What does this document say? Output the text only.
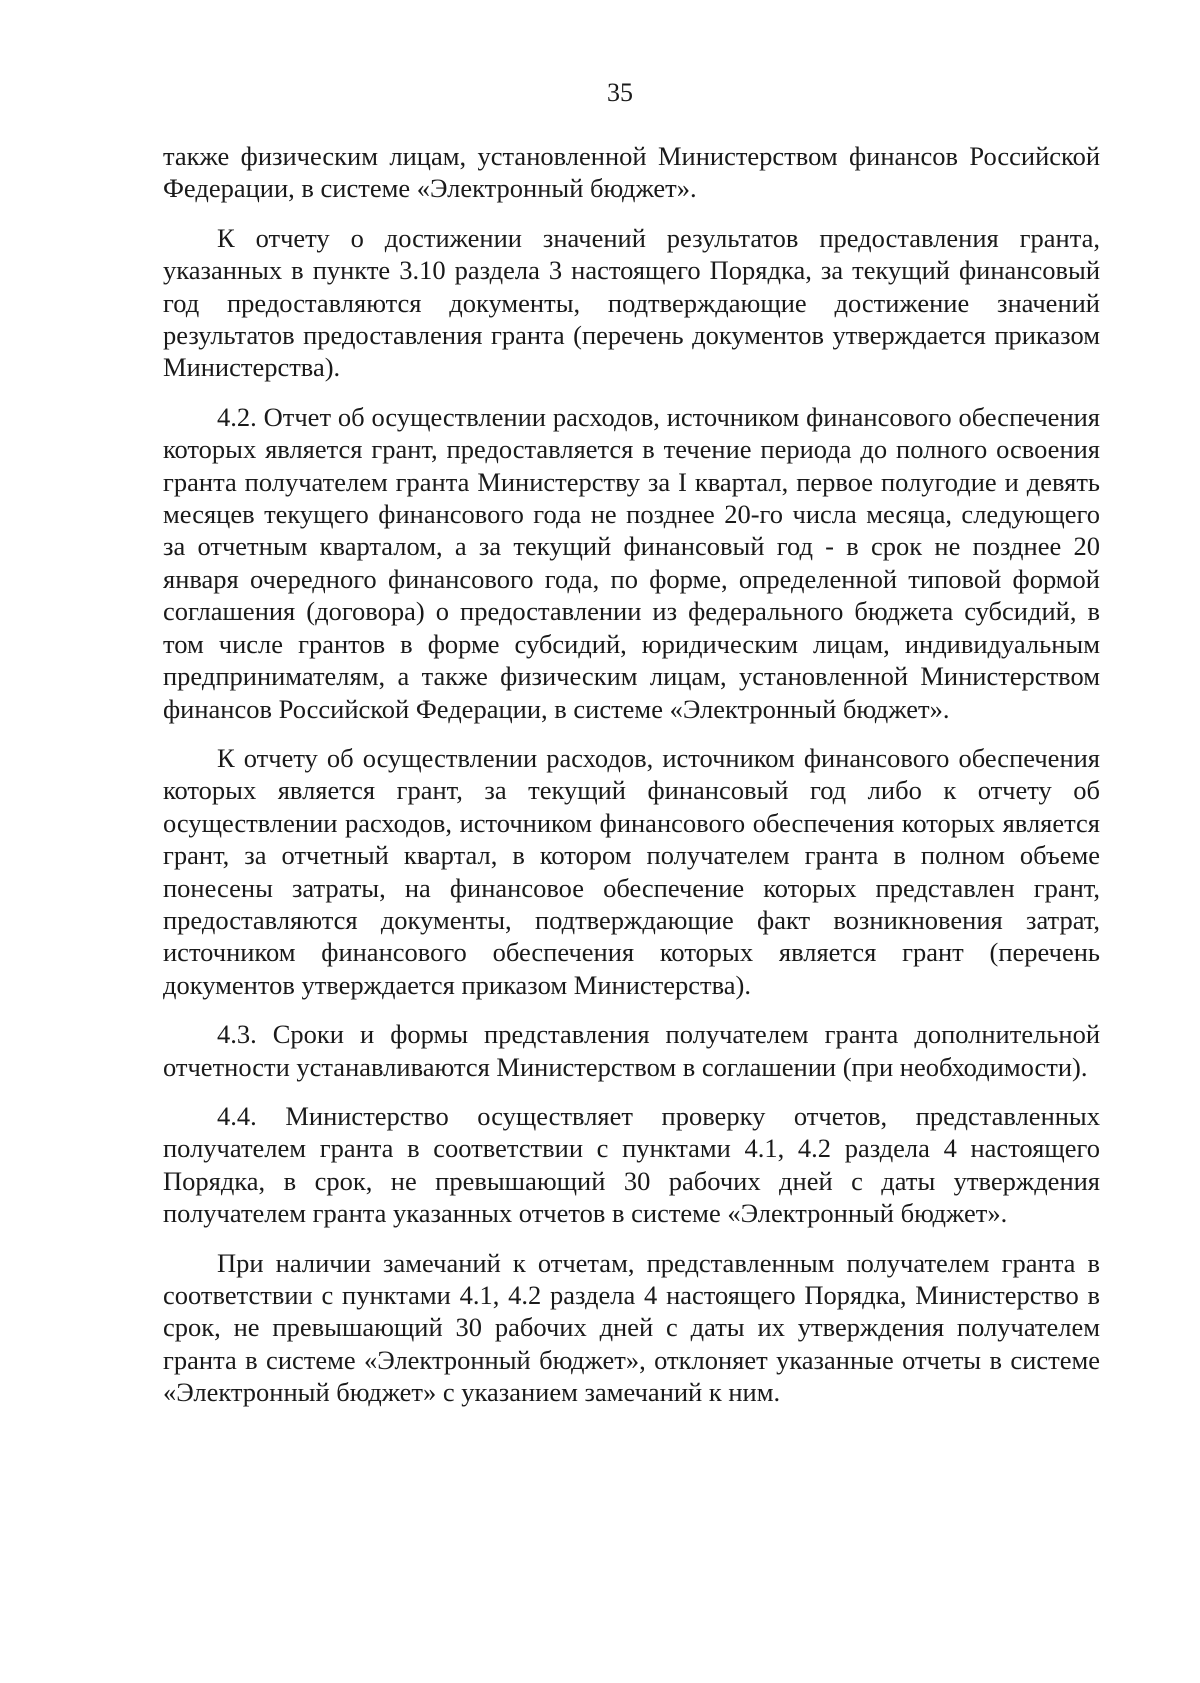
35

также физическим лицам, установленной Министерством финансов Российской Федерации, в системе «Электронный бюджет».

К отчету о достижении значений результатов предоставления гранта, указанных в пункте 3.10 раздела 3 настоящего Порядка, за текущий финансовый год предоставляются документы, подтверждающие достижение значений результатов предоставления гранта (перечень документов утверждается приказом Министерства).

4.2. Отчет об осуществлении расходов, источником финансового обеспечения которых является грант, предоставляется в течение периода до полного освоения гранта получателем гранта Министерству за I квартал, первое полугодие и девять месяцев текущего финансового года не позднее 20-го числа месяца, следующего за отчетным кварталом, а за текущий финансовый год - в срок не позднее 20 января очередного финансового года, по форме, определенной типовой формой соглашения (договора) о предоставлении из федерального бюджета субсидий, в том числе грантов в форме субсидий, юридическим лицам, индивидуальным предпринимателям, а также физическим лицам, установленной Министерством финансов Российской Федерации, в системе «Электронный бюджет».

К отчету об осуществлении расходов, источником финансового обеспечения которых является грант, за текущий финансовый год либо к отчету об осуществлении расходов, источником финансового обеспечения которых является грант, за отчетный квартал, в котором получателем гранта в полном объеме понесены затраты, на финансовое обеспечение которых представлен грант, предоставляются документы, подтверждающие факт возникновения затрат, источником финансового обеспечения которых является грант (перечень документов утверждается приказом Министерства).

4.3. Сроки и формы представления получателем гранта дополнительной отчетности устанавливаются Министерством в соглашении (при необходимости).

4.4. Министерство осуществляет проверку отчетов, представленных получателем гранта в соответствии с пунктами 4.1, 4.2 раздела 4 настоящего Порядка, в срок, не превышающий 30 рабочих дней с даты утверждения получателем гранта указанных отчетов в системе «Электронный бюджет».

При наличии замечаний к отчетам, представленным получателем гранта в соответствии с пунктами 4.1, 4.2 раздела 4 настоящего Порядка, Министерство в срок, не превышающий 30 рабочих дней с даты их утверждения получателем гранта в системе «Электронный бюджет», отклоняет указанные отчеты в системе «Электронный бюджет» с указанием замечаний к ним.
